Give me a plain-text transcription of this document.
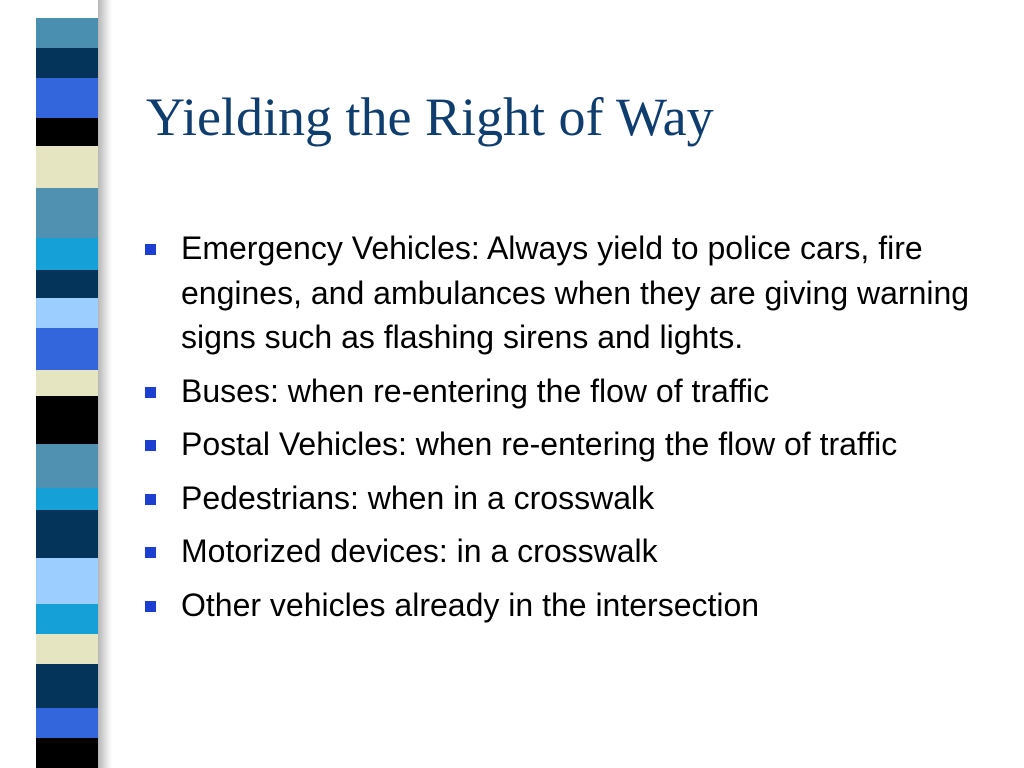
Yielding the Right of Way
Emergency Vehicles: Always yield to police cars, fire engines, and ambulances when they are giving warning signs such as flashing sirens and lights.
Buses: when re-entering the flow of traffic
Postal Vehicles: when re-entering the flow of traffic
Pedestrians: when in a crosswalk
Motorized devices: in a crosswalk
Other vehicles already in the intersection
